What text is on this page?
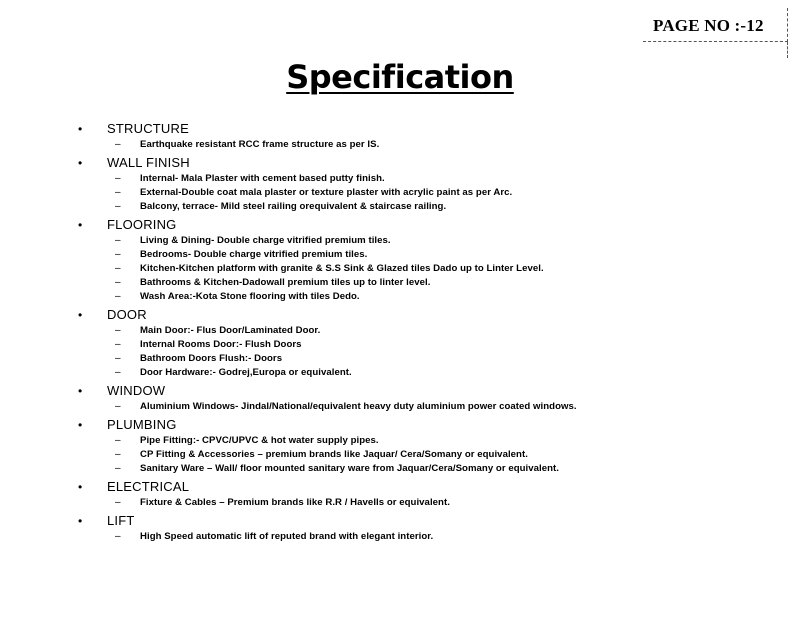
PAGE NO :-12
Specification
• STRUCTURE
– Earthquake resistant RCC frame structure as per IS.
• WALL FINISH
– Internal- Mala Plaster with cement based putty finish.
– External-Double coat mala plaster or texture plaster with acrylic paint as per Arc.
– Balcony, terrace- Mild steel railing orequivalent & staircase railing.
• FLOORING
– Living & Dining- Double charge vitrified premium tiles.
– Bedrooms- Double charge vitrified premium tiles.
– Kitchen-Kitchen platform with granite & S.S Sink & Glazed tiles Dado up to Linter Level.
– Bathrooms & Kitchen-Dadowall premium tiles up to linter level.
– Wash Area:-Kota Stone flooring with tiles Dedo.
• DOOR
– Main Door:- Flus Door/Laminated Door.
– Internal Rooms Door:- Flush Doors
– Bathroom Doors Flush:- Doors
– Door Hardware:- Godrej,Europa or equivalent.
• WINDOW
– Aluminium Windows- Jindal/National/equivalent heavy duty aluminium power coated windows.
• PLUMBING
– Pipe Fitting:- CPVC/UPVC & hot water supply pipes.
– CP Fitting & Accessories – premium brands like Jaquar/ Cera/Somany or equivalent.
– Sanitary Ware – Wall/ floor mounted sanitary ware from Jaquar/Cera/Somany or equivalent.
• ELECTRICAL
– Fixture & Cables – Premium brands like R.R / Havells or equivalent.
• LIFT
– High Speed automatic lift of reputed brand with elegant interior.
